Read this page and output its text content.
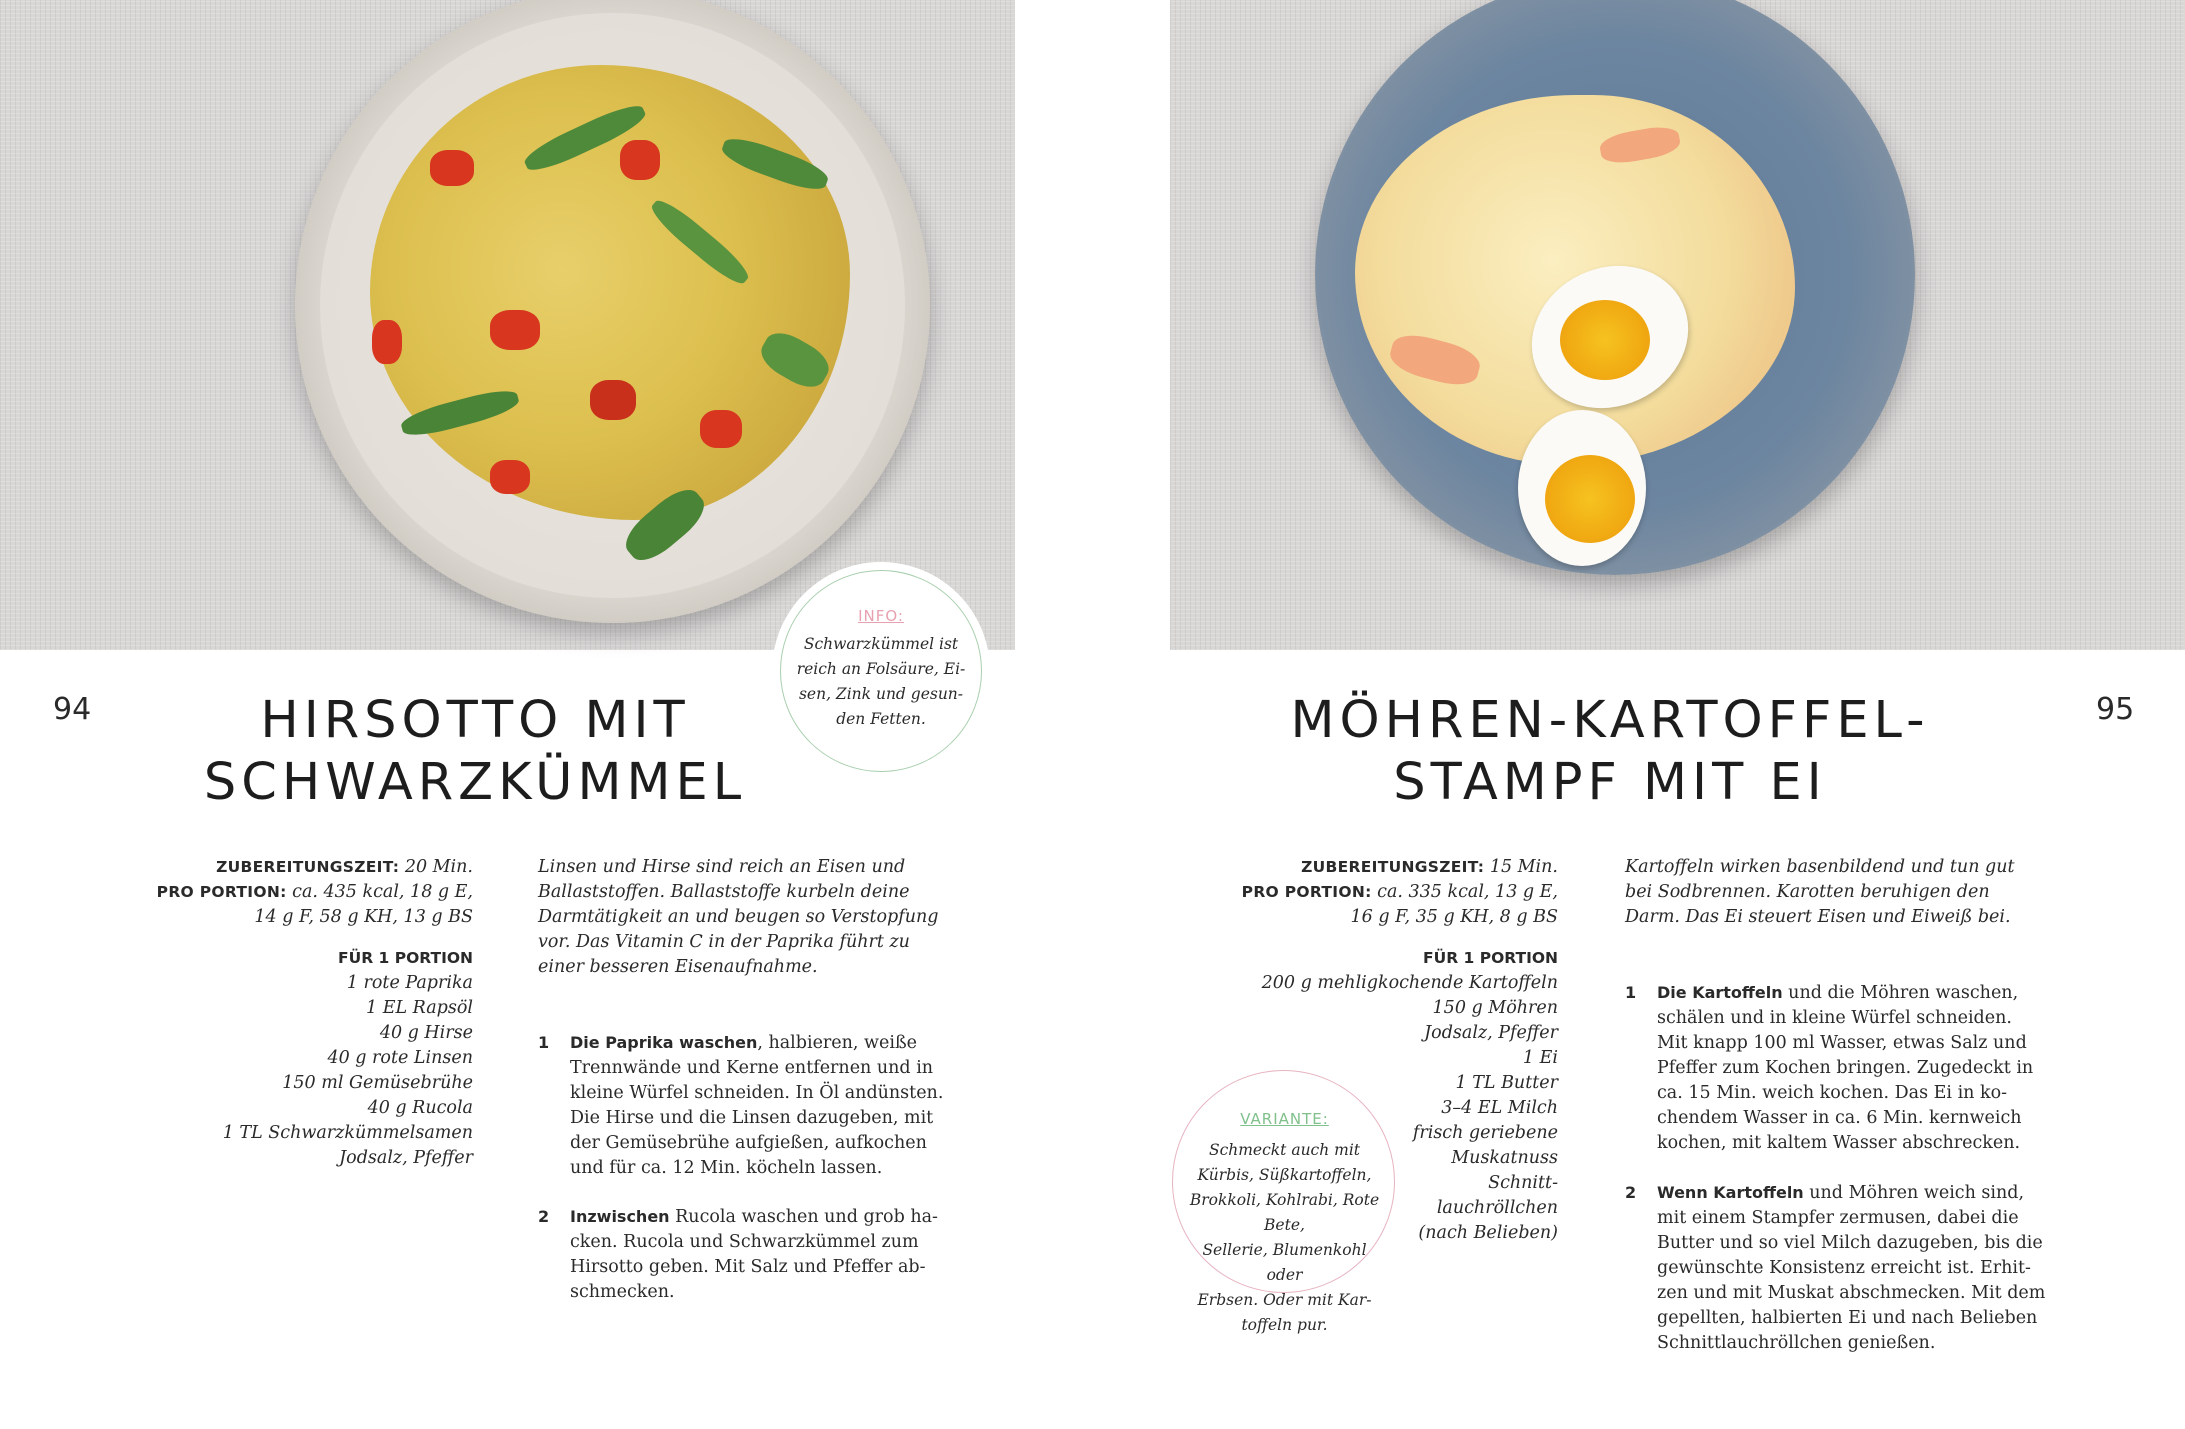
INFO:
Schwarzkümmel ist
reich an Folsäure, Ei-
sen, Zink und gesun-
den Fetten.
94	95
HIRSOTTO MIT
SCHWARZKÜMMEL
MÖHREN-KARTOFFEL-
STAMPF MIT EI
ZUBEREITUNGSZEIT: 20 Min.
PRO PORTION: ca. 435 kcal, 18 g E,
14 g F, 58 g KH, 13 g BS
FÜR 1 PORTION
1 rote Paprika
1 EL Rapsöl
40 g Hirse
40 g rote Linsen
150 ml Gemüsebrühe
40 g Rucola
1 TL Schwarzkümmelsamen
Jodsalz, Pfeffer
Linsen und Hirse sind reich an Eisen und
Ballaststoffen. Ballaststoffe kurbeln deine
Darmtätigkeit an und beugen so Verstopfung
vor. Das Vitamin C in der Paprika führt zu
einer besseren Eisenaufnahme.
1 Die Paprika waschen, halbieren, weiße
Trennwände und Kerne entfernen und in
kleine Würfel schneiden. In Öl andünsten.
Die Hirse und die Linsen dazugeben, mit
der Gemüsebrühe aufgießen, aufkochen
und für ca. 12 Min. köcheln lassen.
2 Inzwischen Rucola waschen und grob ha-
cken. Rucola und Schwarzkümmel zum
Hirsotto geben. Mit Salz und Pfeffer ab-
schmecken.
ZUBEREITUNGSZEIT: 15 Min.
PRO PORTION: ca. 335 kcal, 13 g E,
16 g F, 35 g KH, 8 g BS
FÜR 1 PORTION
200 g mehligkochende Kartoffeln
150 g Möhren
Jodsalz, Pfeffer
1 Ei
1 TL Butter
3–4 EL Milch
frisch geriebene
Muskatnuss
Schnitt-
lauchröllchen
(nach Belieben)
VARIANTE:
Schmeckt auch mit
Kürbis, Süßkartoffeln,
Brokkoli, Kohlrabi, Rote Bete,
Sellerie, Blumenkohl oder
Erbsen. Oder mit Kar-
toffeln pur.
Kartoffeln wirken basenbildend und tun gut
bei Sodbrennen. Karotten beruhigen den
Darm. Das Ei steuert Eisen und Eiweiß bei.
1 Die Kartoffeln und die Möhren waschen,
schälen und in kleine Würfel schneiden.
Mit knapp 100 ml Wasser, etwas Salz und
Pfeffer zum Kochen bringen. Zugedeckt in
ca. 15 Min. weich kochen. Das Ei in ko-
chendem Wasser in ca. 6 Min. kernweich
kochen, mit kaltem Wasser abschrecken.
2 Wenn Kartoffeln und Möhren weich sind,
mit einem Stampfer zermusen, dabei die
Butter und so viel Milch dazugeben, bis die
gewünschte Konsistenz erreicht ist. Erhit-
zen und mit Muskat abschmecken. Mit dem
gepellten, halbierten Ei und nach Belieben
Schnittlauchröllchen genießen.
